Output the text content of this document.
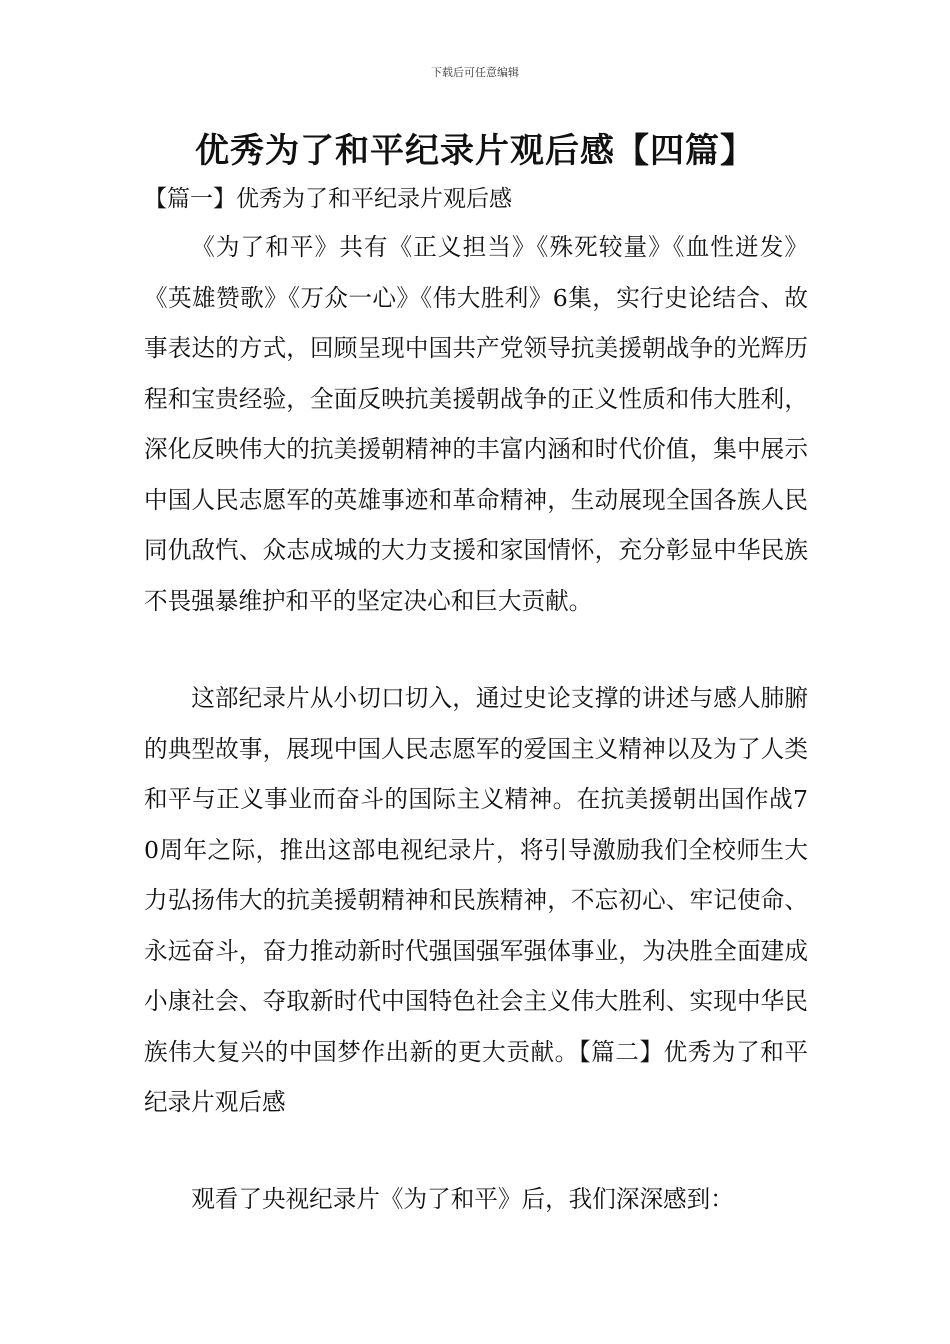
下载后可任意编辑
优秀为了和平纪录片观后感【四篇】
【篇一】优秀为了和平纪录片观后感

《为了和平》共有《正义担当》《殊死较量》《血性迸发》《英雄赞歌》《万众一心》《伟大胜利》6集，实行史论结合、故事表达的方式，回顾呈现中国共产党领导抗美援朝战争的光辉历程和宝贵经验，全面反映抗美援朝战争的正义性质和伟大胜利，深化反映伟大的抗美援朝精神的丰富内涵和时代价值，集中展示中国人民志愿军的英雄事迹和革命精神，生动展现全国各族人民同仇敌忾、众志成城的大力支援和家国情怀，充分彰显中华民族不畏强暴维护和平的坚定决心和巨大贡献。

这部纪录片从小切口切入，通过史论支撑的讲述与感人肺腑的典型故事，展现中国人民志愿军的爱国主义精神以及为了人类和平与正义事业而奋斗的国际主义精神。在抗美援朝出国作战70周年之际，推出这部电视纪录片，将引导激励我们全校师生大力弘扬伟大的抗美援朝精神和民族精神，不忘初心、牢记使命、永远奋斗，奋力推动新时代强国强军强体事业，为决胜全面建成小康社会、夺取新时代中国特色社会主义伟大胜利、实现中华民族伟大复兴的中国梦作出新的更大贡献。【篇二】优秀为了和平纪录片观后感

观看了央视纪录片《为了和平》后，我们深深感到：
